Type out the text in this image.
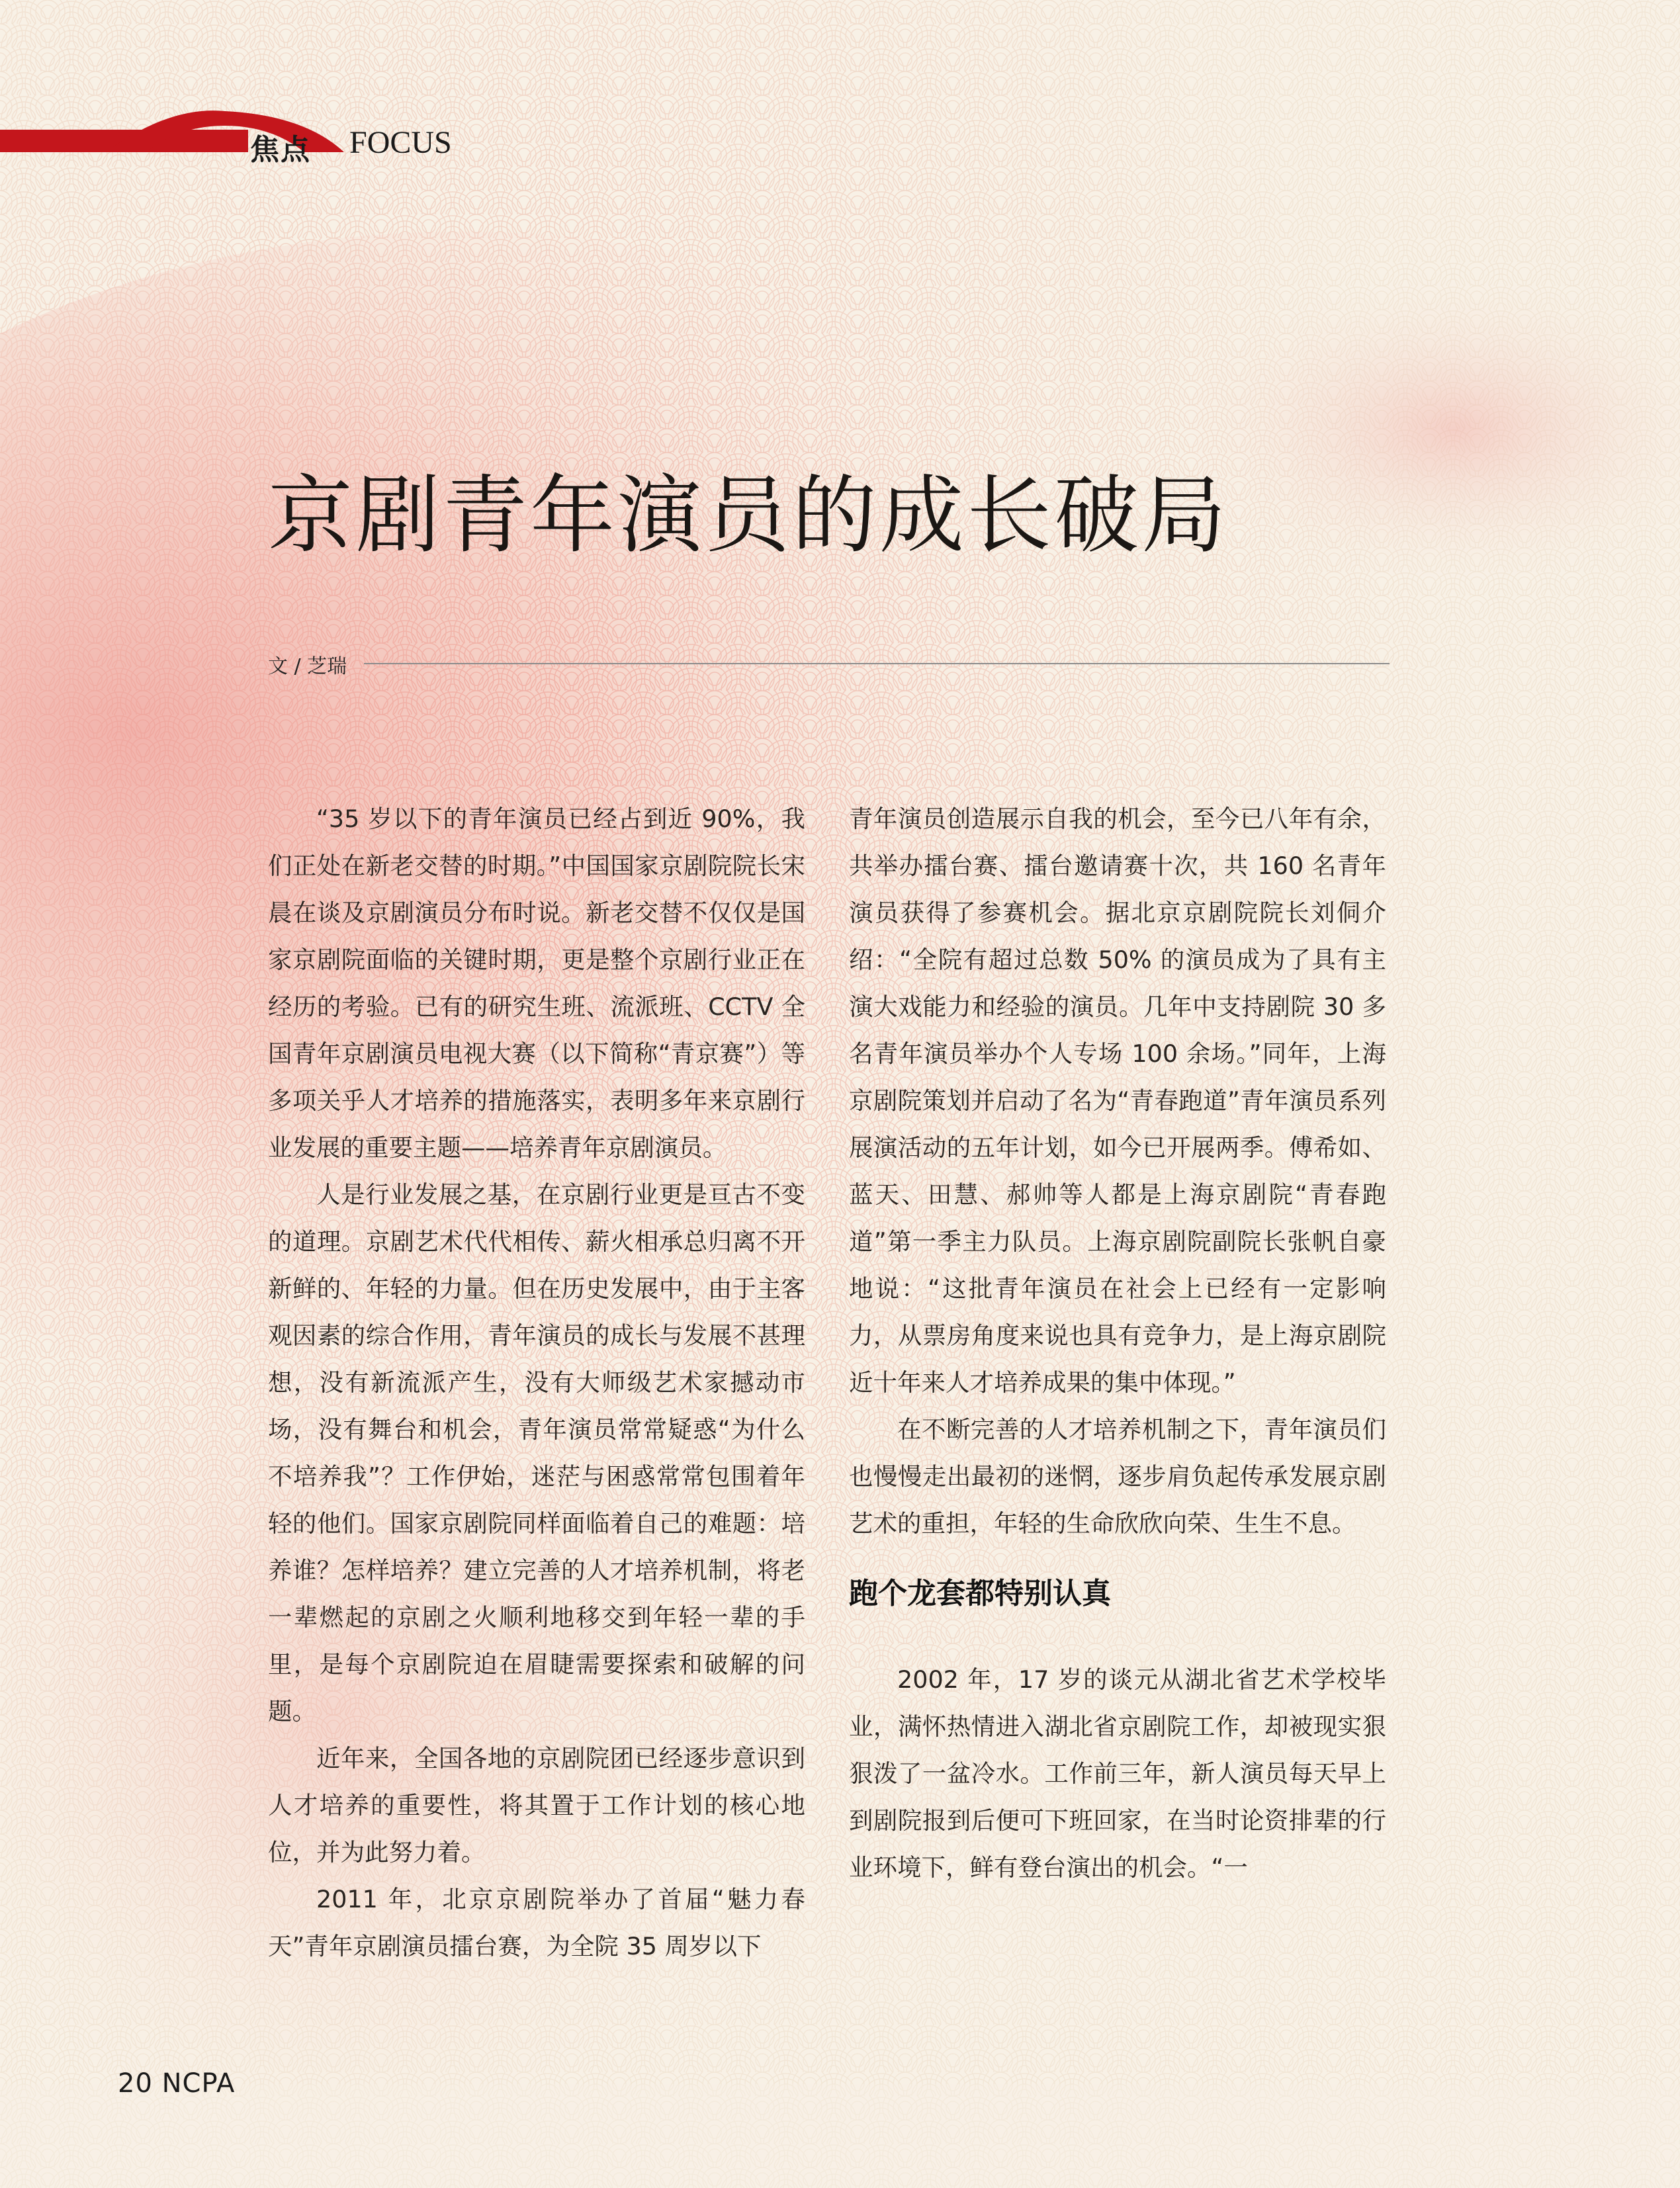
焦点 FOCUS
京剧青年演员的成长破局
文 / 芝瑞

“35 岁以下的青年演员已经占到近 90%，我们正处在新老交替的时期。”中国国家京剧院院长宋晨在谈及京剧演员分布时说。新老交替不仅仅是国家京剧院面临的关键时期，更是整个京剧行业正在经历的考验。已有的研究生班、流派班、CCTV 全国青年京剧演员电视大赛（以下简称“青京赛”）等多项关乎人才培养的措施落实，表明多年来京剧行业发展的重要主题——培养青年京剧演员。

人是行业发展之基，在京剧行业更是亘古不变的道理。京剧艺术代代相传、薪火相承总归离不开新鲜的、年轻的力量。但在历史发展中，由于主客观因素的综合作用，青年演员的成长与发展不甚理想，没有新流派产生，没有大师级艺术家撼动市场，没有舞台和机会，青年演员常常疑惑“为什么不培养我”？工作伊始，迷茫与困惑常常包围着年轻的他们。国家京剧院同样面临着自己的难题：培养谁？怎样培养？建立完善的人才培养机制，将老一辈燃起的京剧之火顺利地移交到年轻一辈的手里，是每个京剧院迫在眉睫需要探索和破解的问题。

近年来，全国各地的京剧院团已经逐步意识到人才培养的重要性，将其置于工作计划的核心地位，并为此努力着。

2011 年，北京京剧院举办了首届“魅力春天”青年京剧演员擂台赛，为全院 35 周岁以下

青年演员创造展示自我的机会，至今已八年有余，共举办擂台赛、擂台邀请赛十次，共 160 名青年演员获得了参赛机会。据北京京剧院院长刘侗介绍：“全院有超过总数 50% 的演员成为了具有主演大戏能力和经验的演员。几年中支持剧院 30 多名青年演员举办个人专场 100 余场。”同年，上海京剧院策划并启动了名为“青春跑道”青年演员系列展演活动的五年计划，如今已开展两季。傅希如、蓝天、田慧、郝帅等人都是上海京剧院“青春跑道”第一季主力队员。上海京剧院副院长张帆自豪地说：“这批青年演员在社会上已经有一定影响力，从票房角度来说也具有竞争力，是上海京剧院近十年来人才培养成果的集中体现。”

在不断完善的人才培养机制之下，青年演员们也慢慢走出最初的迷惘，逐步肩负起传承发展京剧艺术的重担，年轻的生命欣欣向荣、生生不息。

跑个龙套都特别认真

2002 年，17 岁的谈元从湖北省艺术学校毕业，满怀热情进入湖北省京剧院工作，却被现实狠狠泼了一盆冷水。工作前三年，新人演员每天早上到剧院报到后便可下班回家，在当时论资排辈的行业环境下，鲜有登台演出的机会。“一

20 NCPA
